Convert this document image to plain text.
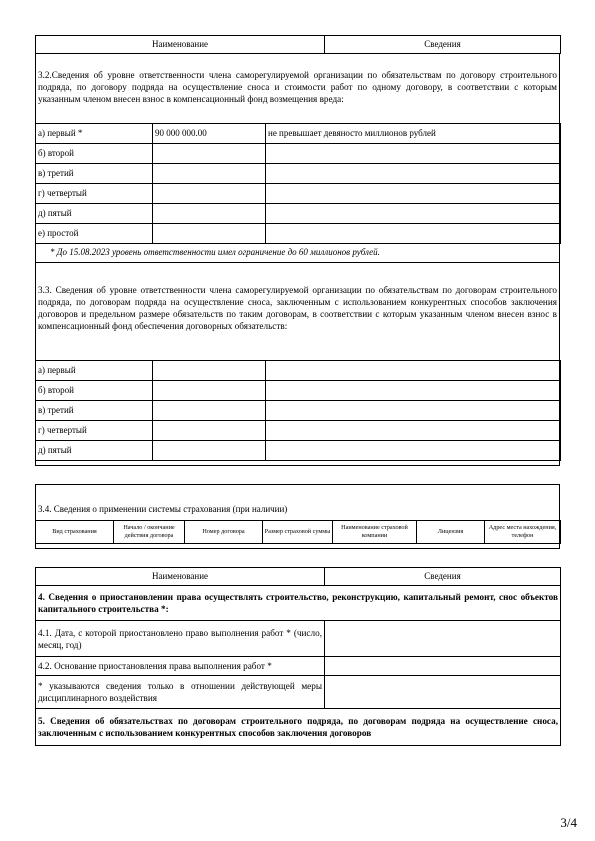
Наименование	Сведения
3.2.Сведения об уровне ответственности члена саморегулируемой организации по обязательствам по договору строительного подряда, по договору подряда на осуществление сноса и стоимости работ по одному договору, в соответствии с которым указанным членом внесен взнос в компенсационный фонд возмещения вреда:
а) первый *	90 000 000.00	не превышает девяносто миллионов рублей
б) второй		
в) третий		
г) четвертый		
д) пятый		
е) простой		
* До 15.08.2023 уровень ответственности имел ограничение до 60 миллионов рублей.
3.3. Сведения об уровне ответственности члена саморегулируемой организации по обязательствам по договорам строительного подряда, по договорам подряда на осуществление сноса, заключенным с использованием конкурентных способов заключения договоров и предельном размере обязательств по таким договорам, в соответствии с которым указанным членом внесен взнос в компенсационный фонд обеспечения договорных обязательств:
а) первый		
б) второй		
в) третий		
г) четвертый		
д) пятый		
3.4. Сведения о применении системы страхования (при наличии)
Вид страхования	Начало / окончание действия договора	Номер договора	Размер страховой суммы	Наименование страховой компании	Лицензия	Адрес места нахождения, телефон
Наименование	Сведения
4. Сведения о приостановлении права осуществлять строительство, реконструкцию, капитальный ремонт, снос объектов капитального строительства *:	
4.1. Дата, с которой приостановлено право выполнения работ * (число, месяц, год)	
4.2. Основание приостановления права выполнения работ *	
* указываются сведения только в отношении действующей меры дисциплинарного воздействия	
5. Сведения об обязательствах по договорам строительного подряда, по договорам подряда на осуществление сноса, заключенным с использованием конкурентных способов заключения договоров	
3/4
